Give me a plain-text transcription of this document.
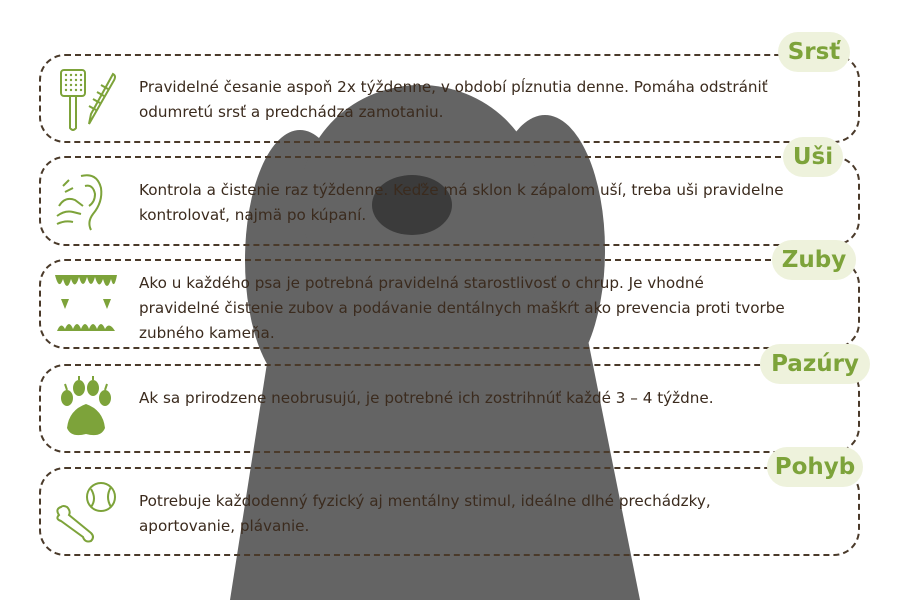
Pravidelné česanie aspoň 2x týždenne, v období pĺznutia denne. Pomáha odstrániť odumretú srsť a predchádza zamotaniu.
Srsť
Kontrola a čistenie raz týždenne. Keďže má sklon k zápalom uší, treba uši pravidelne kontrolovať, najmä po kúpaní.
Uši
Ako u každého psa je potrebná pravidelná starostlivosť o chrup. Je vhodné pravidelné čistenie zubov a podávanie dentálnych maškŕt ako prevencia proti tvorbe zubného kameňa.
Zuby
Ak sa prirodzene neobrusujú, je potrebné ich zostrihnúť každé 3 – 4 týždne.
Pazúry
Potrebuje každodenný fyzický aj mentálny stimul, ideálne dlhé prechádzky, aportovanie, plávanie.
Pohyb
